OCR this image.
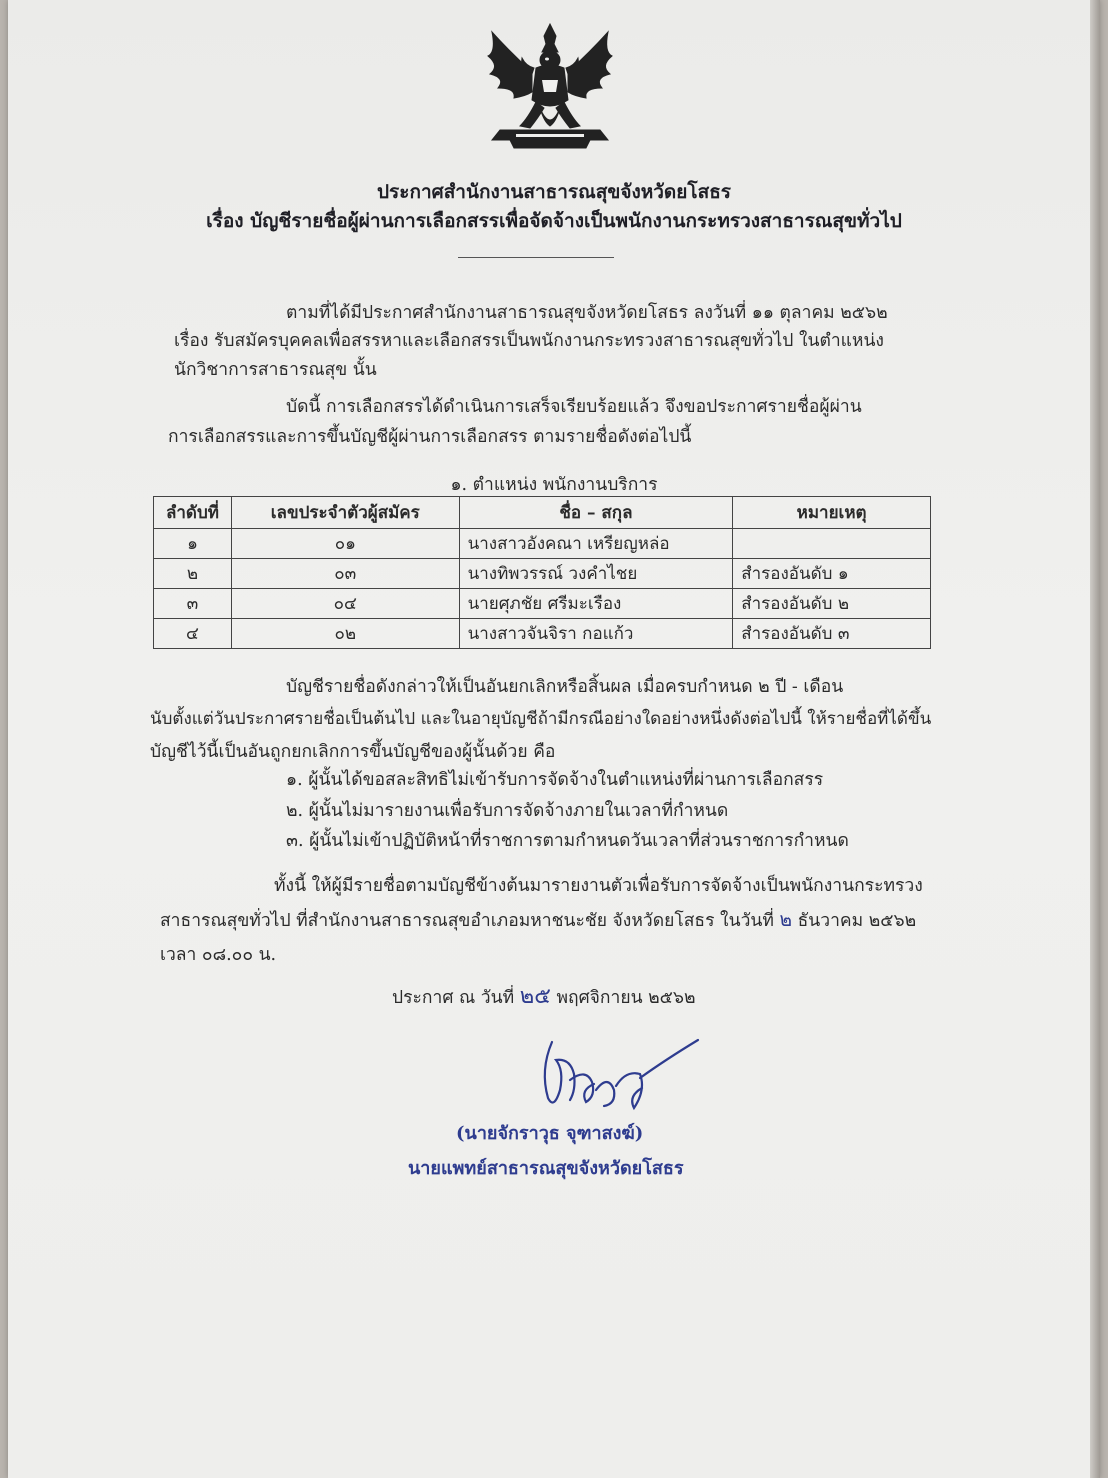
ประกาศสำนักงานสาธารณสุขจังหวัดยโสธร
เรื่อง บัญชีรายชื่อผู้ผ่านการเลือกสรรเพื่อจัดจ้างเป็นพนักงานกระทรวงสาธารณสุขทั่วไป
ตามที่ได้มีประกาศสำนักงานสาธารณสุขจังหวัดยโสธร ลงวันที่ ๑๑ ตุลาคม ๒๕๖๒
เรื่อง รับสมัครบุคคลเพื่อสรรหาและเลือกสรรเป็นพนักงานกระทรวงสาธารณสุขทั่วไป ในตำแหน่ง
นักวิชาการสาธารณสุข นั้น
บัดนี้ การเลือกสรรได้ดำเนินการเสร็จเรียบร้อยแล้ว จึงขอประกาศรายชื่อผู้ผ่าน
การเลือกสรรและการขึ้นบัญชีผู้ผ่านการเลือกสรร ตามรายชื่อดังต่อไปนี้
๑. ตำแหน่ง พนักงานบริการ
ลำดับที่	เลขประจำตัวผู้สมัคร	ชื่อ – สกุล	หมายเหตุ
๑	๐๑	นางสาวอังคณา เหรียญหล่อ	
๒	๐๓	นางทิพวรรณ์ วงคำไชย	สำรองอันดับ ๑
๓	๐๔	นายศุภชัย ศรีมะเรือง	สำรองอันดับ ๒
๔	๐๒	นางสาวจันจิรา กอแก้ว	สำรองอันดับ ๓
บัญชีรายชื่อดังกล่าวให้เป็นอันยกเลิกหรือสิ้นผล เมื่อครบกำหนด ๒ ปี - เดือน
นับตั้งแต่วันประกาศรายชื่อเป็นต้นไป และในอายุบัญชีถ้ามีกรณีอย่างใดอย่างหนึ่งดังต่อไปนี้ ให้รายชื่อที่ได้ขึ้น
บัญชีไว้นี้เป็นอันถูกยกเลิกการขึ้นบัญชีของผู้นั้นด้วย คือ
๑. ผู้นั้นได้ขอสละสิทธิไม่เข้ารับการจัดจ้างในตำแหน่งที่ผ่านการเลือกสรร
๒. ผู้นั้นไม่มารายงานเพื่อรับการจัดจ้างภายในเวลาที่กำหนด
๓. ผู้นั้นไม่เข้าปฏิบัติหน้าที่ราชการตามกำหนดวันเวลาที่ส่วนราชการกำหนด
ทั้งนี้ ให้ผู้มีรายชื่อตามบัญชีข้างต้นมารายงานตัวเพื่อรับการจัดจ้างเป็นพนักงานกระทรวง
สาธารณสุขทั่วไป ที่สำนักงานสาธารณสุขอำเภอมหาชนะชัย จังหวัดยโสธร ในวันที่ ๒ ธันวาคม ๒๕๖๒
เวลา ๐๘.๐๐ น.
ประกาศ ณ วันที่ ๒๕ พฤศจิกายน ๒๕๖๒
(นายจักราวุธ จุฑาสงฆ์)
นายแพทย์สาธารณสุขจังหวัดยโสธร
